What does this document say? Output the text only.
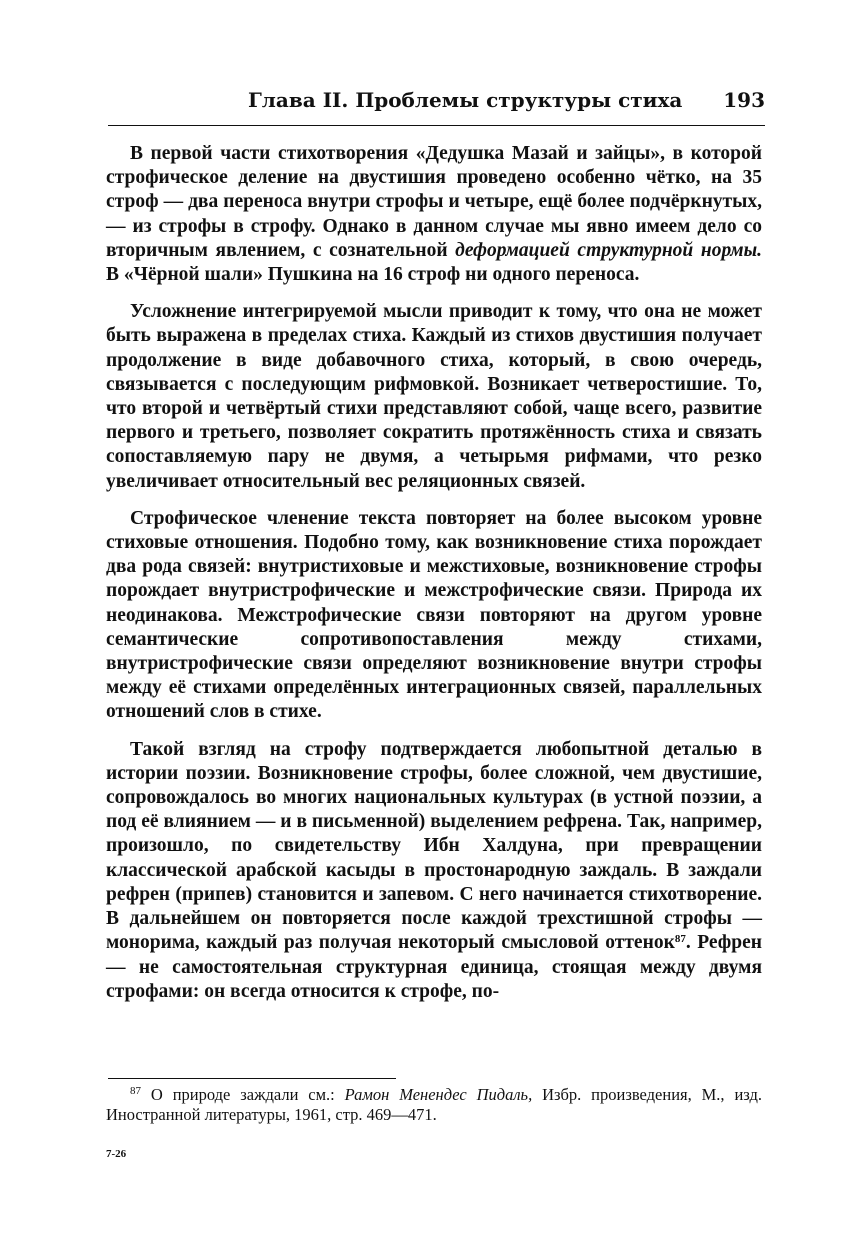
Глава II. Проблемы структуры стиха 193

В первой части стихотворения «Дедушка Мазай и зайцы», в которой строфическое деление на двустишия проведено особенно чётко, на 35 строф — два переноса внутри строфы и четыре, ещё более подчёркнутых, — из строфы в строфу. Однако в данном случае мы явно имеем дело со вторичным явлением, с сознательной деформацией структурной нормы. В «Чёрной шали» Пушкина на 16 строф ни одного переноса.

Усложнение интегрируемой мысли приводит к тому, что она не может быть выражена в пределах стиха. Каждый из стихов двустишия получает продолжение в виде добавочного стиха, который, в свою очередь, связывается с последующим рифмовкой. Возникает четверостишие. То, что второй и четвёртый стихи представляют собой, чаще всего, развитие первого и третьего, позволяет сократить протяжённость стиха и связать сопоставляемую пару не двумя, а четырьмя рифмами, что резко увеличивает относительный вес реляционных связей.

Строфическое членение текста повторяет на более высоком уровне стиховые отношения. Подобно тому, как возникновение стиха порождает два рода связей: внутристиховые и межстиховые, возникновение строфы порождает внутристрофические и межстрофические связи. Природа их неодинакова. Межстрофические связи повторяют на другом уровне семантические сопротивопоставления между стихами, внутристрофические связи определяют возникновение внутри строфы между её стихами определённых интеграционных связей, параллельных отношений слов в стихе.

Такой взгляд на строфу подтверждается любопытной деталью в истории поэзии. Возникновение строфы, более сложной, чем двустишие, сопровождалось во многих национальных культурах (в устной поэзии, а под её влиянием — и в письменной) выделением рефрена. Так, например, произошло, по свидетельству Ибн Халдуна, при превращении классической арабской касыды в простонародную заждаль. В заждали рефрен (припев) становится и запевом. С него начинается стихотворение. В дальнейшем он повторяется после каждой трехстишной строфы — монорима, каждый раз получая некоторый смысловой оттенок$^{87}$. Рефрен — не самостоятельная структурная единица, стоящая между двумя строфами: он всегда относится к строфе, по-

$^{87}$ О природе заждали см.: Рамон Менендес Пидаль, Избр. произведения, М., изд. Иностранной литературы, 1961, стр. 469—471.
7-26
